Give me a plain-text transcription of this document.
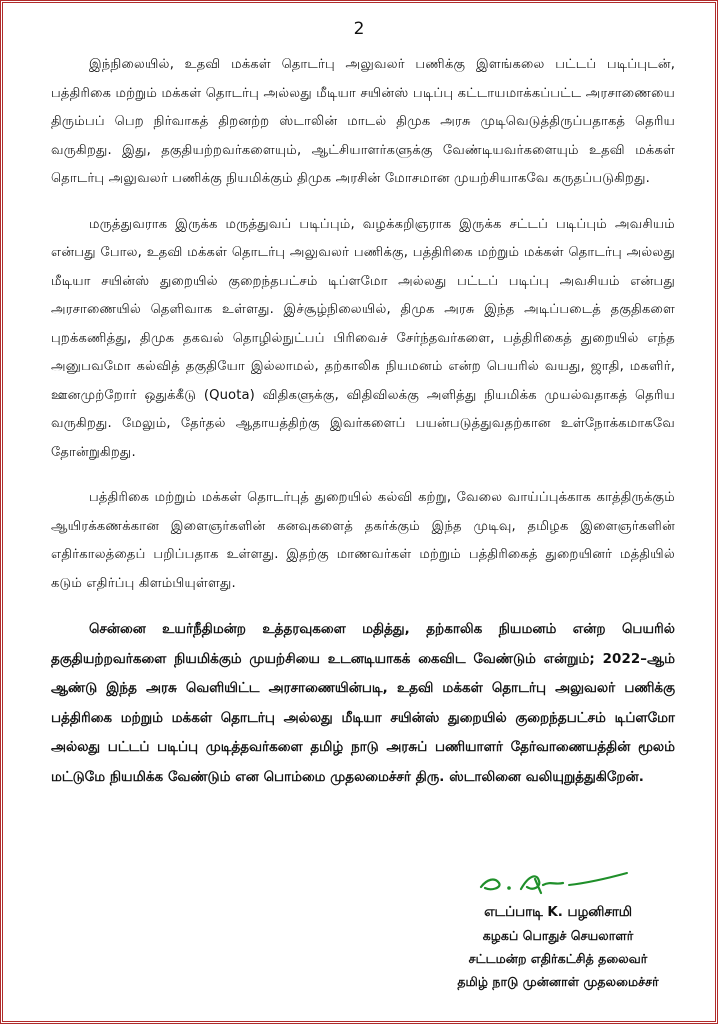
2

இந்நிலையில், உதவி மக்கள் தொடர்பு அலுவலர் பணிக்கு இளங்கலை பட்டப் படிப்புடன், பத்திரிகை மற்றும் மக்கள் தொடர்பு அல்லது மீடியா சயின்ஸ் படிப்பு கட்டாயமாக்கப்பட்ட அரசாணையை திரும்பப் பெற நிர்வாகத் திறனற்ற ஸ்டாலின் மாடல் திமுக அரசு முடிவெடுத்திருப்பதாகத் தெரிய வருகிறது. இது, தகுதியற்றவர்களையும், ஆட்சியாளர்களுக்கு வேண்டியவர்களையும் உதவி மக்கள் தொடர்பு அலுவலர் பணிக்கு நியமிக்கும் திமுக அரசின் மோசமான முயற்சியாகவே கருதப்படுகிறது.

மருத்துவராக இருக்க மருத்துவப் படிப்பும், வழக்கறிஞராக இருக்க சட்டப் படிப்பும் அவசியம் என்பது போல, உதவி மக்கள் தொடர்பு அலுவலர் பணிக்கு, பத்திரிகை மற்றும் மக்கள் தொடர்பு அல்லது மீடியா சயின்ஸ் துறையில் குறைந்தபட்சம் டிப்ளமோ அல்லது பட்டப் படிப்பு அவசியம் என்பது அரசாணையில் தெளிவாக உள்ளது. இச்சூழ்நிலையில், திமுக அரசு இந்த அடிப்படைத் தகுதிகளை புறக்கணித்து, திமுக தகவல் தொழில்நுட்பப் பிரிவைச் சேர்ந்தவர்களை, பத்திரிகைத் துறையில் எந்த அனுபவமோ கல்வித் தகுதியோ இல்லாமல், தற்காலிக நியமனம் என்ற பெயரில் வயது, ஜாதி, மகளிர், ஊனமுற்றோர் ஒதுக்கீடு (Quota) விதிகளுக்கு, விதிவிலக்கு அளித்து நியமிக்க முயல்வதாகத் தெரிய வருகிறது. மேலும், தேர்தல் ஆதாயத்திற்கு இவர்களைப் பயன்படுத்துவதற்கான உள்நோக்கமாகவே தோன்றுகிறது.

பத்திரிகை மற்றும் மக்கள் தொடர்புத் துறையில் கல்வி கற்று, வேலை வாய்ப்புக்காக காத்திருக்கும் ஆயிரக்கணக்கான இளைஞர்களின் கனவுகளைத் தகர்க்கும் இந்த முடிவு, தமிழக இளைஞர்களின் எதிர்காலத்தைப் பறிப்பதாக உள்ளது. இதற்கு மாணவர்கள் மற்றும் பத்திரிகைத் துறையினர் மத்தியில் கடும் எதிர்ப்பு கிளம்பியுள்ளது.

சென்னை உயர்நீதிமன்ற உத்தரவுகளை மதித்து, தற்காலிக நியமனம் என்ற பெயரில் தகுதியற்றவர்களை நியமிக்கும் முயற்சியை உடனடியாகக் கைவிட வேண்டும் என்றும்; 2022–ஆம் ஆண்டு இந்த அரசு வெளியிட்ட அரசாணையின்படி, உதவி மக்கள் தொடர்பு அலுவலர் பணிக்கு பத்திரிகை மற்றும் மக்கள் தொடர்பு அல்லது மீடியா சயின்ஸ் துறையில் குறைந்தபட்சம் டிப்ளமோ அல்லது பட்டப் படிப்பு முடித்தவர்களை தமிழ் நாடு அரசுப் பணியாளர் தேர்வாணையத்தின் மூலம் மட்டுமே நியமிக்க வேண்டும் என பொம்மை முதலமைச்சர் திரு. ஸ்டாலினை வலியுறுத்துகிறேன்.

எடப்பாடி K. பழனிசாமி
கழகப் பொதுச் செயலாளர்
சட்டமன்ற எதிர்கட்சித் தலைவர்
தமிழ் நாடு முன்னாள் முதலமைச்சர்
